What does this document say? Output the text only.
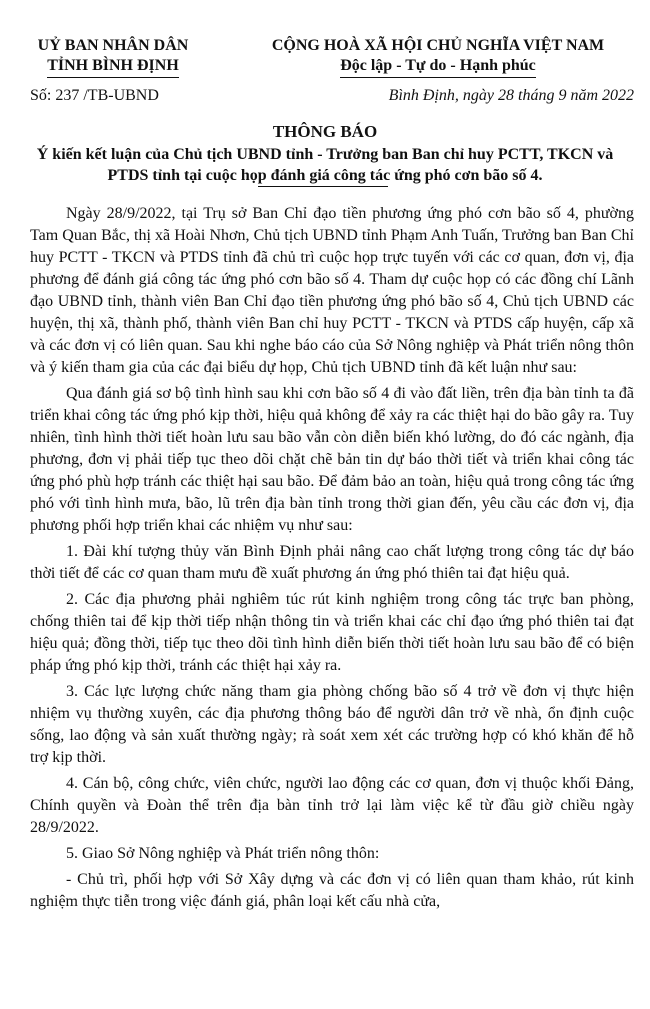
UỶ BAN NHÂN DÂN
TỈNH BÌNH ĐỊNH
CỘNG HOÀ XÃ HỘI CHỦ NGHĨA VIỆT NAM
Độc lập - Tự do - Hạnh phúc
Số: 237 /TB-UBND	Bình Định, ngày 28 tháng 9 năm 2022
THÔNG BÁO
Ý kiến kết luận của Chủ tịch UBND tỉnh - Trưởng ban Ban chỉ huy PCTT, TKCN và PTDS tỉnh tại cuộc họp đánh giá công tác ứng phó cơn bão số 4.

Ngày 28/9/2022, tại Trụ sở Ban Chỉ đạo tiền phương ứng phó cơn bão số 4, phường Tam Quan Bắc, thị xã Hoài Nhơn, Chủ tịch UBND tỉnh Phạm Anh Tuấn, Trưởng ban Ban Chỉ huy PCTT - TKCN và PTDS tỉnh đã chủ trì cuộc họp trực tuyến với các cơ quan, đơn vị, địa phương để đánh giá công tác ứng phó cơn bão số 4. Tham dự cuộc họp có các đồng chí Lãnh đạo UBND tỉnh, thành viên Ban Chỉ đạo tiền phương ứng phó bão số 4, Chủ tịch UBND các huyện, thị xã, thành phố, thành viên Ban chỉ huy PCTT - TKCN và PTDS cấp huyện, cấp xã và các đơn vị có liên quan. Sau khi nghe báo cáo của Sở Nông nghiệp và Phát triển nông thôn và ý kiến tham gia của các đại biểu dự họp, Chủ tịch UBND tỉnh đã kết luận như sau:

Qua đánh giá sơ bộ tình hình sau khi cơn bão số 4 đi vào đất liền, trên địa bàn tỉnh ta đã triển khai công tác ứng phó kịp thời, hiệu quả không để xảy ra các thiệt hại do bão gây ra. Tuy nhiên, tình hình thời tiết hoàn lưu sau bão vẫn còn diễn biến khó lường, do đó các ngành, địa phương, đơn vị phải tiếp tục theo dõi chặt chẽ bản tin dự báo thời tiết và triển khai công tác ứng phó phù hợp tránh các thiệt hại sau bão. Để đảm bảo an toàn, hiệu quả trong công tác ứng phó với tình hình mưa, bão, lũ trên địa bàn tỉnh trong thời gian đến, yêu cầu các đơn vị, địa phương phối hợp triển khai các nhiệm vụ như sau:

1. Đài khí tượng thủy văn Bình Định phải nâng cao chất lượng trong công tác dự báo thời tiết để các cơ quan tham mưu đề xuất phương án ứng phó thiên tai đạt hiệu quả.

2. Các địa phương phải nghiêm túc rút kinh nghiệm trong công tác trực ban phòng, chống thiên tai để kịp thời tiếp nhận thông tin và triển khai các chỉ đạo ứng phó thiên tai đạt hiệu quả; đồng thời, tiếp tục theo dõi tình hình diễn biến thời tiết hoàn lưu sau bão để có biện pháp ứng phó kịp thời, tránh các thiệt hại xảy ra.

3. Các lực lượng chức năng tham gia phòng chống bão số 4 trở về đơn vị thực hiện nhiệm vụ thường xuyên, các địa phương thông báo để người dân trở về nhà, ổn định cuộc sống, lao động và sản xuất thường ngày; rà soát xem xét các trường hợp có khó khăn để hỗ trợ kịp thời.

4. Cán bộ, công chức, viên chức, người lao động các cơ quan, đơn vị thuộc khối Đảng, Chính quyền và Đoàn thể trên địa bàn tỉnh trở lại làm việc kể từ đầu giờ chiều ngày 28/9/2022.

5. Giao Sở Nông nghiệp và Phát triển nông thôn:

- Chủ trì, phối hợp với Sở Xây dựng và các đơn vị có liên quan tham khảo, rút kinh nghiệm thực tiễn trong việc đánh giá, phân loại kết cấu nhà cửa,
